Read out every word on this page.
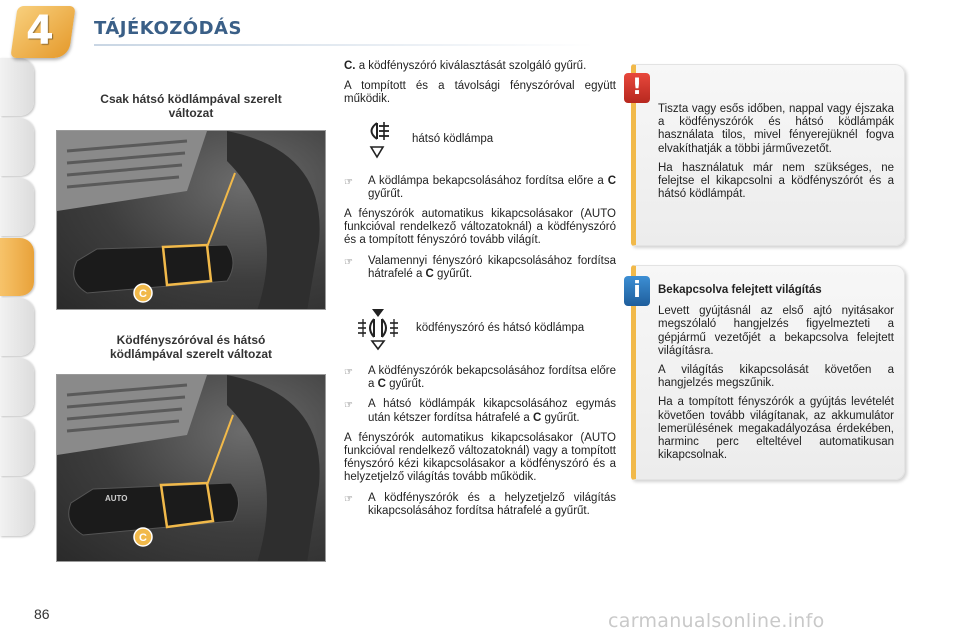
4 TÁJÉKOZÓDÁS
Csak hátsó ködlámpával szerelt változat
C
Ködfényszóróval és hátsó ködlámpával szerelt változat
AUTO
C

C. a ködfényszóró kiválasztását szolgáló gyűrű.

A tompított és a távolsági fényszóróval együtt működik.

hátsó ködlámpa
☞	A ködlámpa bekapcsolásához fordítsa előre a C gyűrűt.

A fényszórók automatikus kikapcsolásakor (AUTO funkcióval rendelkező változatoknál) a ködfényszóró és a tompított fényszóró tovább világít.

☞	Valamennyi fényszóró kikapcsolásához fordítsa hátrafelé a C gyűrűt.
ködfényszóró és hátsó ködlámpa
☞	A ködfényszórók bekapcsolásához fordítsa előre a C gyűrűt.
☞	A hátsó ködlámpák kikapcsolásához egymás után kétszer fordítsa hátrafelé a C gyűrűt.

A fényszórók automatikus kikapcsolásakor (AUTO funkcióval rendelkező változatoknál) vagy a tompított fényszóró kézi kikapcsolásakor a ködfényszóró és a helyzetjelző világítás tovább működik.

☞	A ködfényszórók és a helyzetjelző világítás kikapcsolásához fordítsa hátrafelé a gyűrűt.
!

Tiszta vagy esős időben, nappal vagy éjszaka a ködfényszórók és hátsó ködlámpák használata tilos, mivel fényerejüknél fogva elvakíthatják a többi járművezetőt.

Ha használatuk már nem szükséges, ne felejtse el kikapcsolni a ködfényszórót és a hátsó ködlámpát.

i	Bekapcsolva felejtett világítás

Levett gyújtásnál az első ajtó nyitásakor megszólaló hangjelzés figyelmezteti a gépjármű vezetőjét a bekapcsolva felejtett világításra.

A világítás kikapcsolását követően a hangjelzés megszűnik.

Ha a tompított fényszórók a gyújtás levételét követően tovább világítanak, az akkumulátor lemerülésének megakadályozása érdekében, harminc perc elteltével automatikusan kikapcsolnak.

86	carmanualsonline.info
